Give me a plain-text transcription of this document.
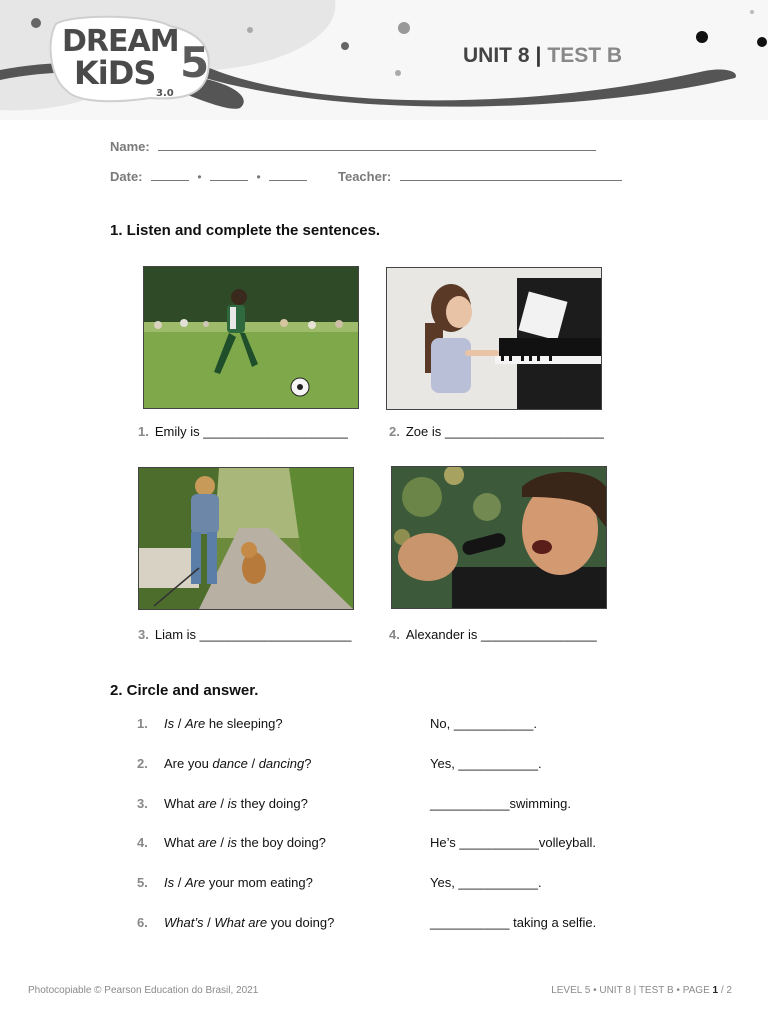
DREAM
KiDS 5
3.0
UNIT 8 | TEST B
Name:
Date:	•	•	Teacher:
1. Listen and complete the sentences.
1. Emily is ____________________	2. Zoe is ______________________
3. Liam is _____________________	4. Alexander is ________________
2. Circle and answer.
1. Is / Are he sleeping?	No, ___________.
2. Are you dance / dancing?	Yes, ___________.
3. What are / is they doing?	___________swimming.
4. What are / is the boy doing?	He’s ___________volleyball.
5. Is / Are your mom eating?	Yes, ___________.
6. What’s / What are you doing?	___________ taking a selfie.
Photocopiable © Pearson Education do Brasil, 2021	LEVEL 5 • UNIT 8 | TEST B • PAGE 1 / 2
